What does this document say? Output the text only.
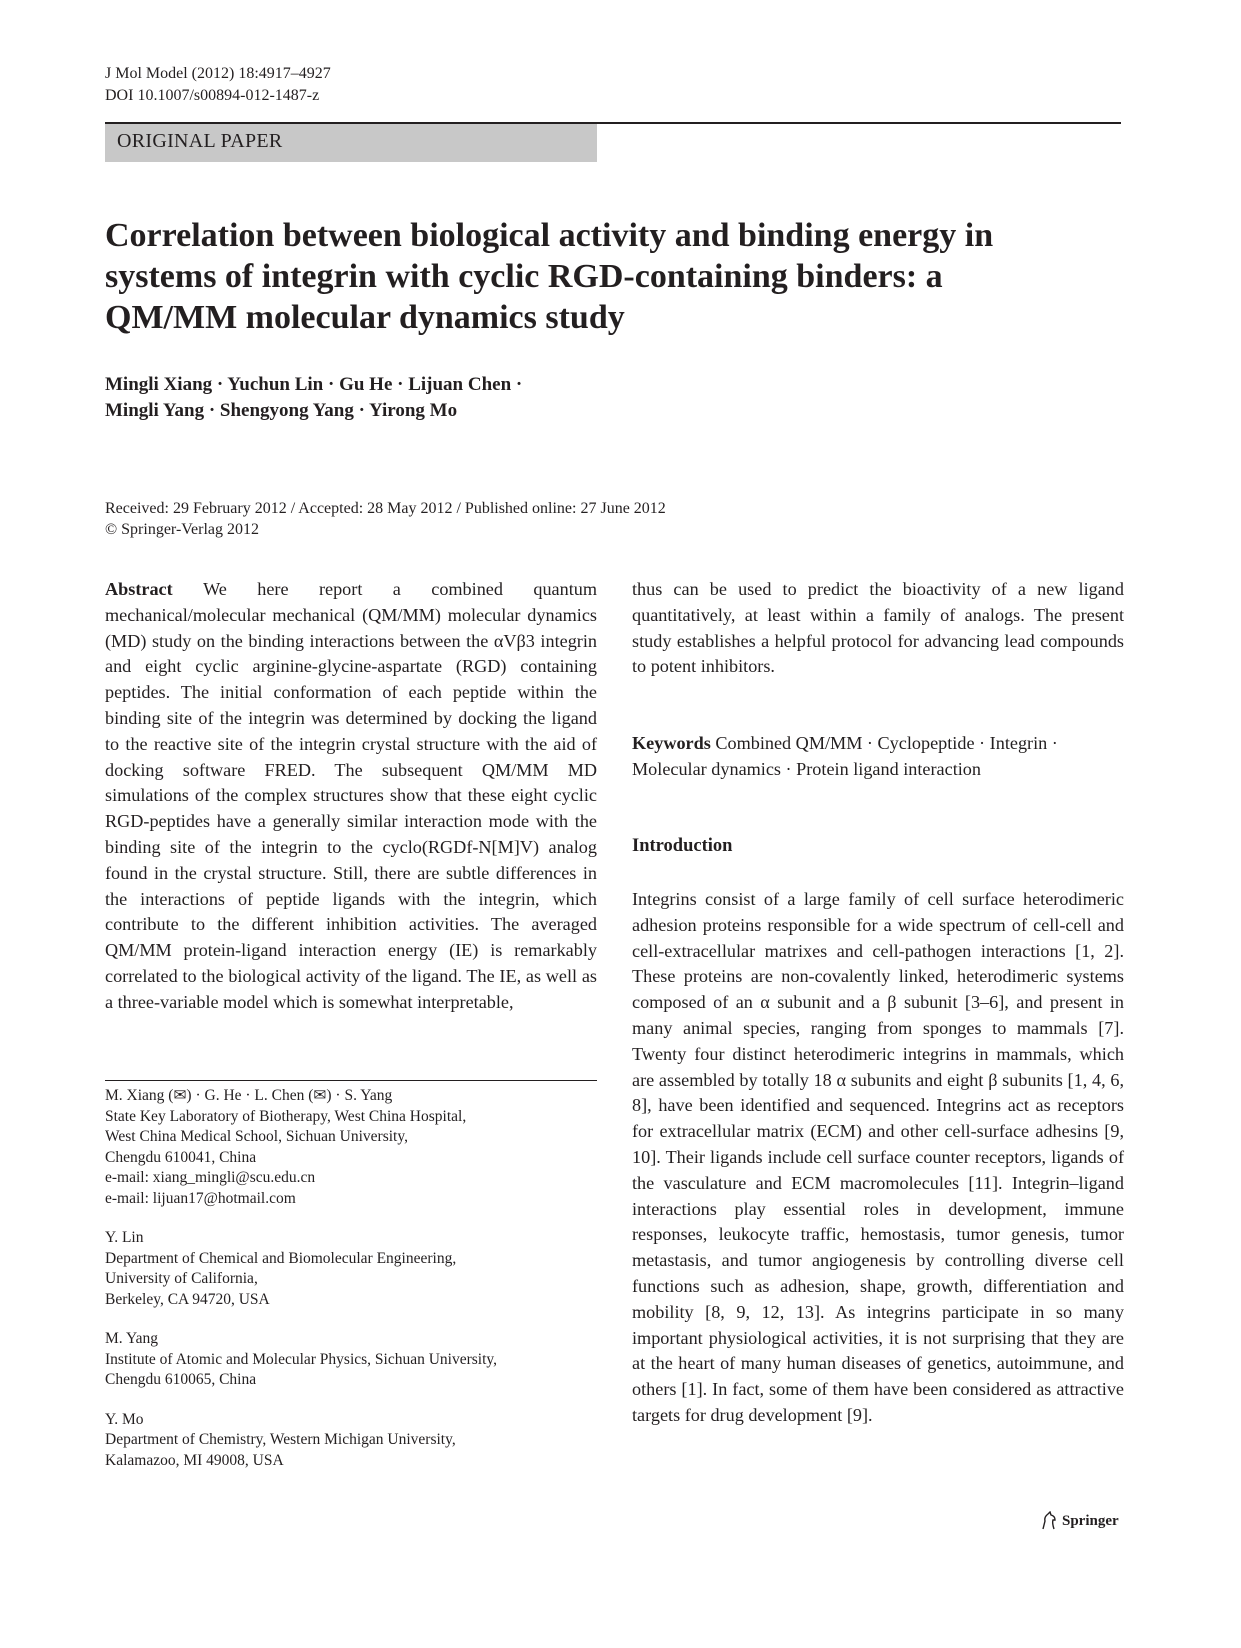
J Mol Model (2012) 18:4917–4927
DOI 10.1007/s00894-012-1487-z
ORIGINAL PAPER
Correlation between biological activity and binding energy in systems of integrin with cyclic RGD-containing binders: a QM/MM molecular dynamics study
Mingli Xiang · Yuchun Lin · Gu He · Lijuan Chen ·
Mingli Yang · Shengyong Yang · Yirong Mo
Received: 29 February 2012 / Accepted: 28 May 2012 / Published online: 27 June 2012
© Springer-Verlag 2012

Abstract We here report a combined quantum mechanical/molecular mechanical (QM/MM) molecular dynamics (MD) study on the binding interactions between the αVβ3 integrin and eight cyclic arginine-glycine-aspartate (RGD) containing peptides. The initial conformation of each peptide within the binding site of the integrin was determined by docking the ligand to the reactive site of the integrin crystal structure with the aid of docking software FRED. The subsequent QM/MM MD simulations of the complex structures show that these eight cyclic RGD-peptides have a generally similar interaction mode with the binding site of the integrin to the cyclo(RGDf-N[M]V) analog found in the crystal structure. Still, there are subtle differences in the interactions of peptide ligands with the integrin, which contribute to the different inhibition activities. The averaged QM/MM protein-ligand interaction energy (IE) is remarkably correlated to the biological activity of the ligand. The IE, as well as a three-variable model which is somewhat interpretable,

thus can be used to predict the bioactivity of a new ligand quantitatively, at least within a family of analogs. The present study establishes a helpful protocol for advancing lead compounds to potent inhibitors.

Keywords Combined QM/MM · Cyclopeptide · Integrin · Molecular dynamics · Protein ligand interaction

Introduction

Integrins consist of a large family of cell surface heterodimeric adhesion proteins responsible for a wide spectrum of cell-cell and cell-extracellular matrixes and cell-pathogen interactions [1, 2]. These proteins are non-covalently linked, heterodimeric systems composed of an α subunit and a β subunit [3–6], and present in many animal species, ranging from sponges to mammals [7]. Twenty four distinct heterodimeric integrins in mammals, which are assembled by totally 18 α subunits and eight β subunits [1, 4, 6, 8], have been identified and sequenced. Integrins act as receptors for extracellular matrix (ECM) and other cell-surface adhesins [9, 10]. Their ligands include cell surface counter receptors, ligands of the vasculature and ECM macromolecules [11]. Integrin–ligand interactions play essential roles in development, immune responses, leukocyte traffic, hemostasis, tumor genesis, tumor metastasis, and tumor angiogenesis by controlling diverse cell functions such as adhesion, shape, growth, differentiation and mobility [8, 9, 12, 13]. As integrins participate in so many important physiological activities, it is not surprising that they are at the heart of many human diseases of genetics, autoimmune, and others [1]. In fact, some of them have been considered as attractive targets for drug development [9].

M. Xiang (✉) · G. He · L. Chen (✉) · S. Yang
State Key Laboratory of Biotherapy, West China Hospital,
West China Medical School, Sichuan University,
Chengdu 610041, China
e-mail: xiang_mingli@scu.edu.cn
e-mail: lijuan17@hotmail.com
Y. Lin
Department of Chemical and Biomolecular Engineering,
University of California,
Berkeley, CA 94720, USA
M. Yang
Institute of Atomic and Molecular Physics, Sichuan University,
Chengdu 610065, China
Y. Mo
Department of Chemistry, Western Michigan University,
Kalamazoo, MI 49008, USA
Springer
